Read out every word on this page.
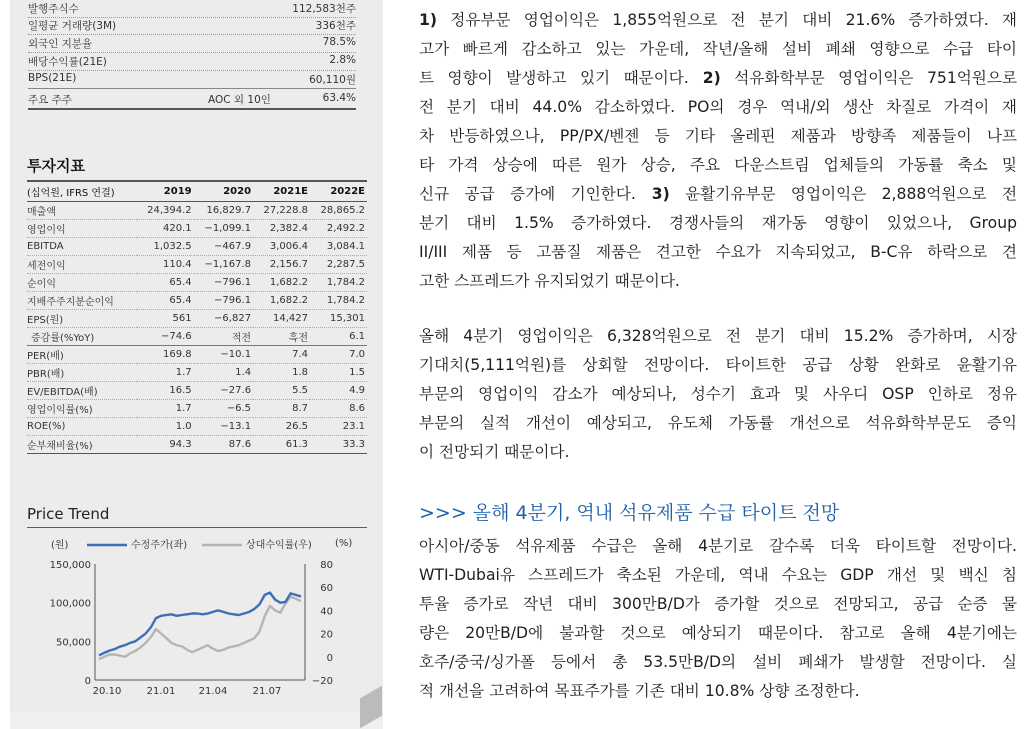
발행주식수	112,583천주
일평균 거래량(3M)	336천주
외국인 지분율	78.5%
배당수익률(21E)	2.8%
BPS(21E)	60,110원
주요 주주	AOC 외 10인	63.4%
투자지표
(십억원, IFRS 연결)	2019	2020	2021E	2022E
매출액	24,394.2	16,829.7	27,228.8	28,865.2
영업이익	420.1	−1,099.1	2,382.4	2,492.2
EBITDA	1,032.5	−467.9	3,006.4	3,084.1
세전이익	110.4	−1,167.8	2,156.7	2,287.5
순이익	65.4	−796.1	1,682.2	1,784.2
지배주주지분순이익	65.4	−796.1	1,682.2	1,784.2
EPS(원)	561	−6,827	14,427	15,301
증감률(%YoY)	−74.6	적전	흑전	6.1
PER(배)	169.8	−10.1	7.4	7.0
PBR(배)	1.7	1.4	1.8	1.5
EV/EBITDA(배)	16.5	−27.6	5.5	4.9
영업이익률(%)	1.7	−6.5	8.7	8.6
ROE(%)	1.0	−13.1	26.5	23.1
순부채비율(%)	94.3	87.6	61.3	33.3
Price Trend
(원)	수정주가(좌)	상대수익률(우) (%)
150,000
100,000
50,000
0
80
60
40
20
0
−20
20.10	21.01 21.04	21.07
1) 정유부문 영업이익은 1,855억원으로 전 분기 대비 21.6% 증가하였다. 재
고가 빠르게 감소하고 있는 가운데, 작년/올해 설비 폐쇄 영향으로 수급 타이
트 영향이 발생하고 있기 때문이다. 2) 석유화학부문 영업이익은 751억원으로
전 분기 대비 44.0% 감소하였다. PO의 경우 역내/외 생산 차질로 가격이 재
차 반등하였으나, PP/PX/벤젠 등 기타 올레핀 제품과 방향족 제품들이 나프
타 가격 상승에 따른 원가 상승, 주요 다운스트림 업체들의 가동률 축소 및
신규 공급 증가에 기인한다. 3) 윤활기유부문 영업이익은 2,888억원으로 전
분기 대비 1.5% 증가하였다. 경쟁사들의 재가동 영향이 있었으나, Group
II/III 제품 등 고품질 제품은 견고한 수요가 지속되었고, B-C유 하락으로 견
고한 스프레드가 유지되었기 때문이다.
올해 4분기 영업이익은 6,328억원으로 전 분기 대비 15.2% 증가하며, 시장
기대치(5,111억원)를 상회할 전망이다. 타이트한 공급 상황 완화로 윤활기유
부문의 영업이익 감소가 예상되나, 성수기 효과 및 사우디 OSP 인하로 정유
부문의 실적 개선이 예상되고, 유도체 가동률 개선으로 석유화학부문도 증익
이 전망되기 때문이다.
>>> 올해 4분기, 역내 석유제품 수급 타이트 전망
아시아/중동 석유제품 수급은 올해 4분기로 갈수록 더욱 타이트할 전망이다.
WTI-Dubai유 스프레드가 축소된 가운데, 역내 수요는 GDP 개선 및 백신 침
투율 증가로 작년 대비 300만B/D가 증가할 것으로 전망되고, 공급 순증 물
량은 20만B/D에 불과할 것으로 예상되기 때문이다. 참고로 올해 4분기에는
호주/중국/싱가폴 등에서 총 53.5만B/D의 설비 폐쇄가 발생할 전망이다. 실
적 개선을 고려하여 목표주가를 기존 대비 10.8% 상향 조정한다.
